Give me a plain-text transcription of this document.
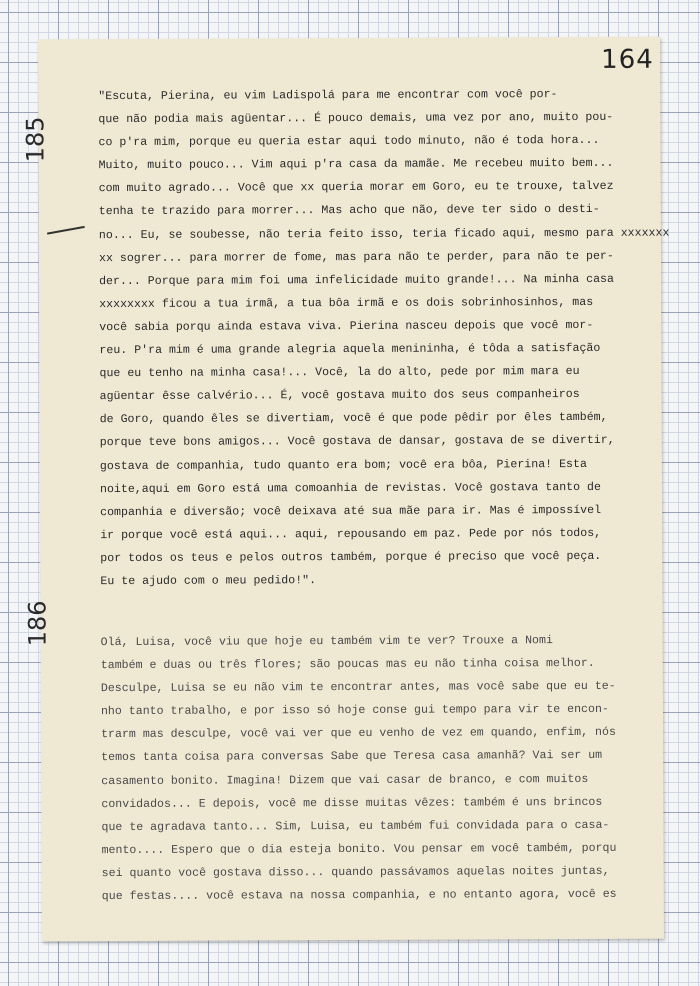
164
185
186
"Escuta, Pierina, eu vim Ladispolá para me encontrar com você por-
que não podia mais agüentar... É pouco demais, uma vez por ano, muito pou-
co p'ra mim, porque eu queria estar aqui todo minuto, não é toda hora...
Muito, muito pouco... Vim aqui p'ra casa da mamãe. Me recebeu muito bem...
com muito agrado... Você que xx queria morar em Goro, eu te trouxe, talvez
tenha te trazido para morrer... Mas acho que não, deve ter sido o desti-
no... Eu, se soubesse, não teria feito isso, teria ficado aqui, mesmo para xxxxxxx
xx sogrer... para morrer de fome, mas para não te perder, para não te per-
der... Porque para mim foi uma infelicidade muito grande!... Na minha casa
xxxxxxxx ficou a tua irmã, a tua bôa irmã e os dois sobrinhosinhos, mas
você sabia porqu ainda estava viva. Pierina nasceu depois que você mor-
reu. P'ra mim é uma grande alegria aquela menininha, é tôda a satisfação
que eu tenho na minha casa!... Você, la do alto, pede por mim mara eu
agüentar êsse calvério... É, você gostava muito dos seus companheiros
de Goro, quando êles se divertiam, você é que pode pêdir por êles também,
porque teve bons amigos... Você gostava de dansar, gostava de se divertir,
gostava de companhia, tudo quanto era bom; você era bôa, Pierina! Esta
noite,aqui em Goro está uma comoanhia de revistas. Você gostava tanto de
companhia e diversão; você deixava até sua mãe para ir. Mas é impossível
ir porque você está aqui... aqui, repousando em paz. Pede por nós todos,
por todos os teus e pelos outros também, porque é preciso que você peça.
Eu te ajudo com o meu pedido!".
Olá, Luisa, você viu que hoje eu também vim te ver? Trouxe a Nomi
também e duas ou três flores; são poucas mas eu não tinha coisa melhor.
Desculpe, Luisa se eu não vim te encontrar antes, mas você sabe que eu te-
nho tanto trabalho, e por isso só hoje conse gui tempo para vir te encon-
trarm mas desculpe, você vai ver que eu venho de vez em quando, enfim, nós
temos tanta coisa para conversas Sabe que Teresa casa amanhã? Vai ser um
casamento bonito. Imagina! Dizem que vai casar de branco, e com muitos
convidados... E depois, você me disse muitas vêzes: também é uns brincos
que te agradava tanto... Sim, Luisa, eu também fui convidada para o casa-
mento.... Espero que o dia esteja bonito. Vou pensar em você também, porqu
sei quanto você gostava disso... quando passávamos aquelas noites juntas,
que festas.... você estava na nossa companhia, e no entanto agora, você es
